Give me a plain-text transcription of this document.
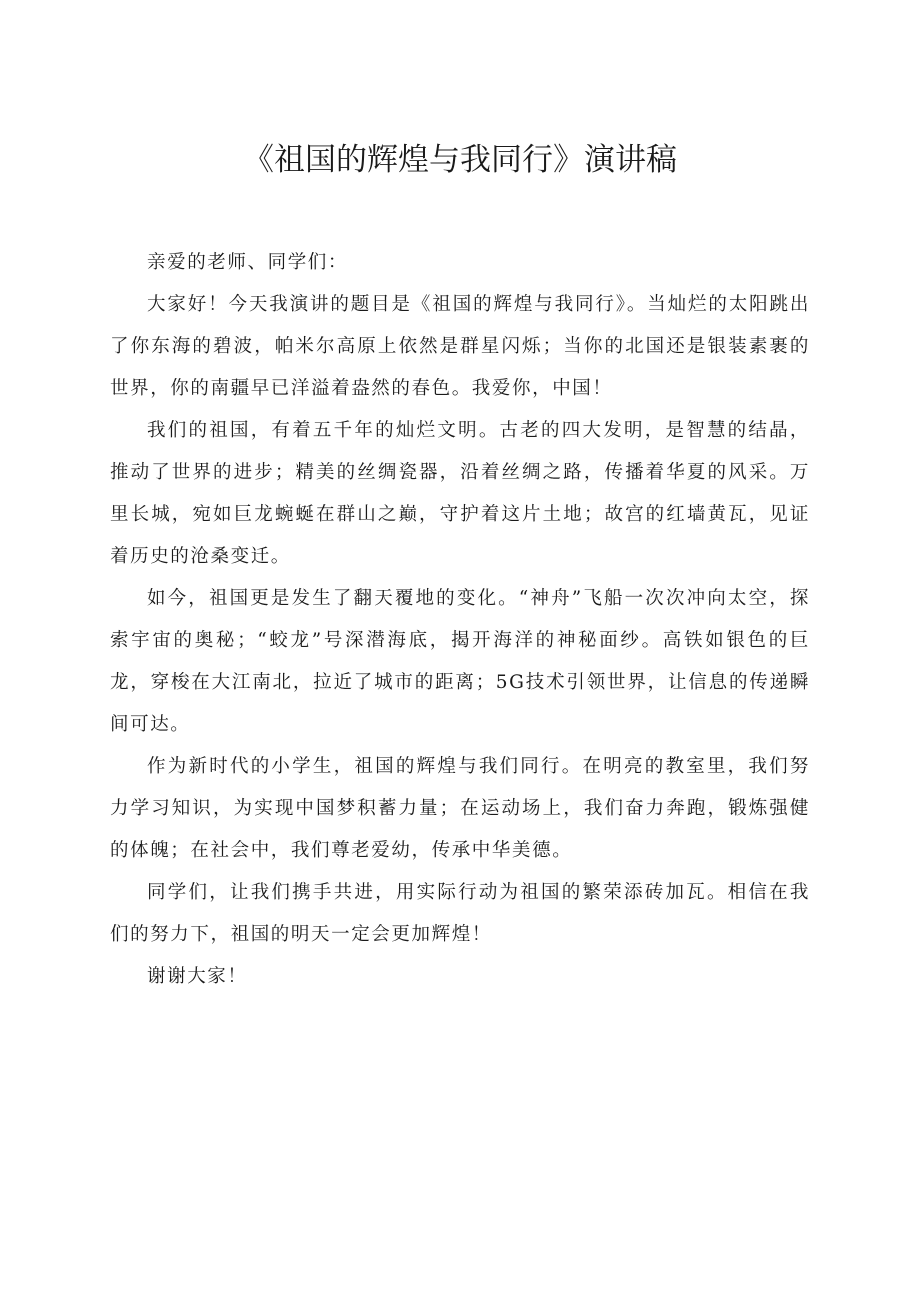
《祖国的辉煌与我同行》演讲稿

亲爱的老师、同学们：

大家好！今天我演讲的题目是《祖国的辉煌与我同行》。当灿烂的太阳跳出了你东海的碧波，帕米尔高原上依然是群星闪烁；当你的北国还是银装素裹的世界，你的南疆早已洋溢着盎然的春色。我爱你，中国！

我们的祖国，有着五千年的灿烂文明。古老的四大发明，是智慧的结晶，推动了世界的进步；精美的丝绸瓷器，沿着丝绸之路，传播着华夏的风采。万里长城，宛如巨龙蜿蜒在群山之巅，守护着这片土地；故宫的红墙黄瓦，见证着历史的沧桑变迁。

如今，祖国更是发生了翻天覆地的变化。“神舟”飞船一次次冲向太空，探索宇宙的奥秘；“蛟龙”号深潜海底，揭开海洋的神秘面纱。高铁如银色的巨龙，穿梭在大江南北，拉近了城市的距离；5G技术引领世界，让信息的传递瞬间可达。

作为新时代的小学生，祖国的辉煌与我们同行。在明亮的教室里，我们努力学习知识，为实现中国梦积蓄力量；在运动场上，我们奋力奔跑，锻炼强健的体魄；在社会中，我们尊老爱幼，传承中华美德。

同学们，让我们携手共进，用实际行动为祖国的繁荣添砖加瓦。相信在我们的努力下，祖国的明天一定会更加辉煌！

谢谢大家！
